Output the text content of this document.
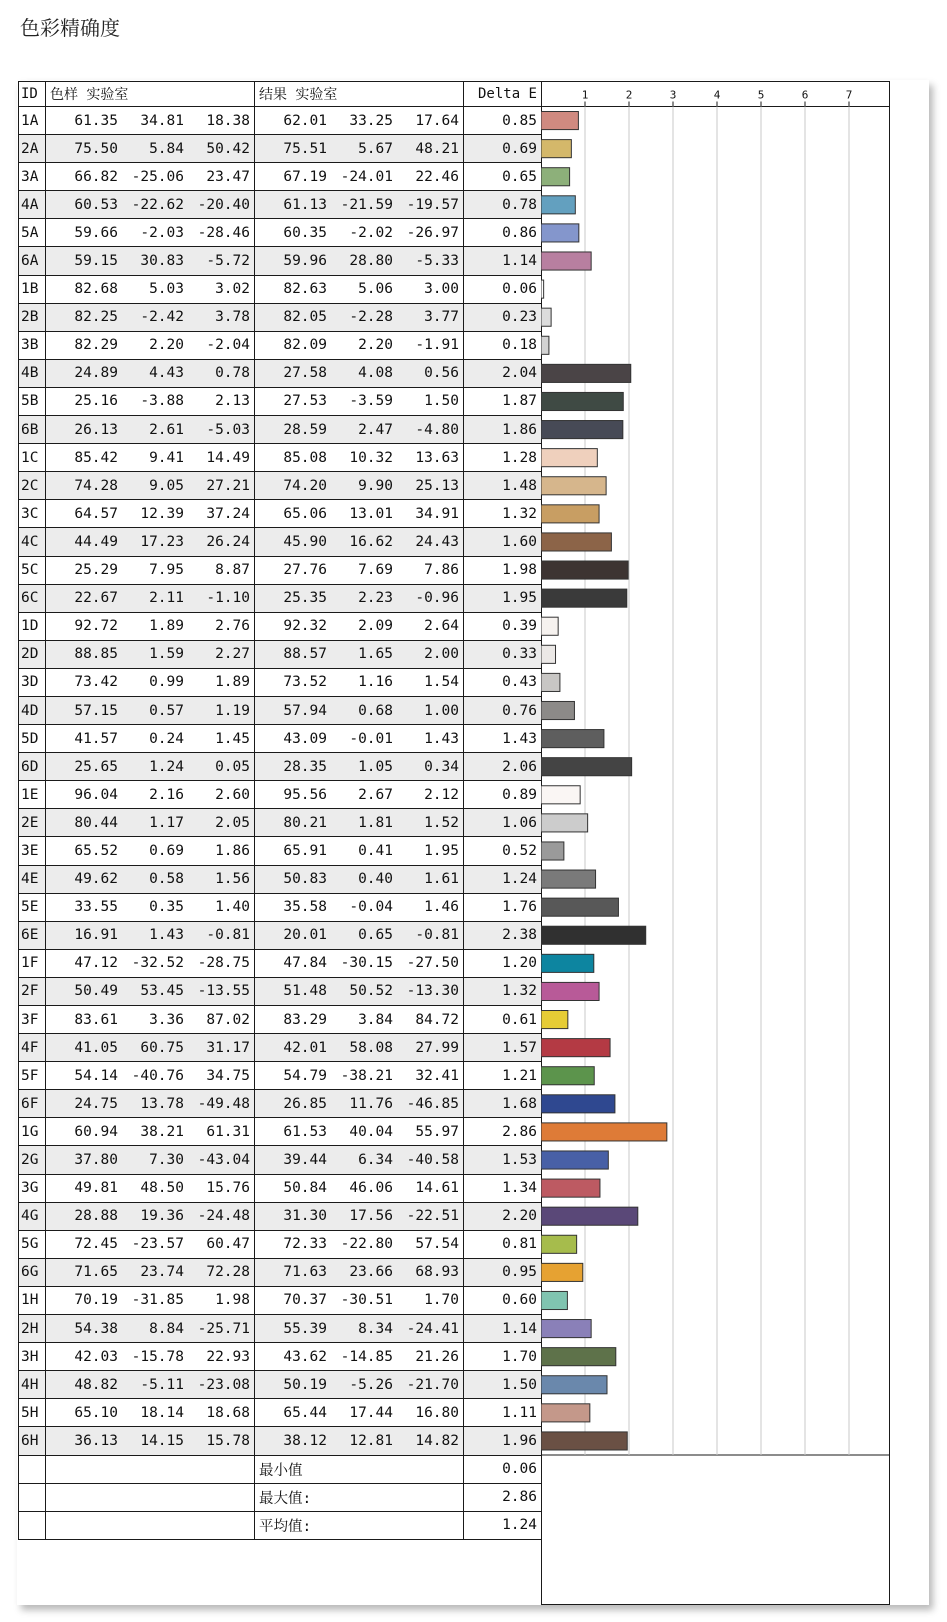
色彩精确度
ID	色样 实验室	结果 实验室	Delta E
1A	61.35 34.81 18.38	62.01 33.25 17.64	0.85
2A	75.50 5.84 50.42	75.51 5.67 48.21	0.69
3A	66.82 -25.06 23.47	67.19 -24.01 22.46	0.65
4A	60.53 -22.62 -20.40	61.13 -21.59 -19.57	0.78
5A	59.66 -2.03 -28.46	60.35 -2.02 -26.97	0.86
6A	59.15 30.83 -5.72	59.96 28.80 -5.33	1.14
1B	82.68 5.03 3.02	82.63 5.06 3.00	0.06
2B	82.25 -2.42 3.78	82.05 -2.28 3.77	0.23
3B	82.29 2.20 -2.04	82.09 2.20 -1.91	0.18
4B	24.89 4.43 0.78	27.58 4.08 0.56	2.04
5B	25.16 -3.88 2.13	27.53 -3.59 1.50	1.87
6B	26.13 2.61 -5.03	28.59 2.47 -4.80	1.86
1C	85.42 9.41 14.49	85.08 10.32 13.63	1.28
2C	74.28 9.05 27.21	74.20 9.90 25.13	1.48
3C	64.57 12.39 37.24	65.06 13.01 34.91	1.32
4C	44.49 17.23 26.24	45.90 16.62 24.43	1.60
5C	25.29 7.95 8.87	27.76 7.69 7.86	1.98
6C	22.67 2.11 -1.10	25.35 2.23 -0.96	1.95
1D	92.72 1.89 2.76	92.32 2.09 2.64	0.39
2D	88.85 1.59 2.27	88.57 1.65 2.00	0.33
3D	73.42 0.99 1.89	73.52 1.16 1.54	0.43
4D	57.15 0.57 1.19	57.94 0.68 1.00	0.76
5D	41.57 0.24 1.45	43.09 -0.01 1.43	1.43
6D	25.65 1.24 0.05	28.35 1.05 0.34	2.06
1E	96.04 2.16 2.60	95.56 2.67 2.12	0.89
2E	80.44 1.17 2.05	80.21 1.81 1.52	1.06
3E	65.52 0.69 1.86	65.91 0.41 1.95	0.52
4E	49.62 0.58 1.56	50.83 0.40 1.61	1.24
5E	33.55 0.35 1.40	35.58 -0.04 1.46	1.76
6E	16.91 1.43 -0.81	20.01 0.65 -0.81	2.38
1F	47.12 -32.52 -28.75	47.84 -30.15 -27.50	1.20
2F	50.49 53.45 -13.55	51.48 50.52 -13.30	1.32
3F	83.61 3.36 87.02	83.29 3.84 84.72	0.61
4F	41.05 60.75 31.17	42.01 58.08 27.99	1.57
5F	54.14 -40.76 34.75	54.79 -38.21 32.41	1.21
6F	24.75 13.78 -49.48	26.85 11.76 -46.85	1.68
1G	60.94 38.21 61.31	61.53 40.04 55.97	2.86
2G	37.80 7.30 -43.04	39.44 6.34 -40.58	1.53
3G	49.81 48.50 15.76	50.84 46.06 14.61	1.34
4G	28.88 19.36 -24.48	31.30 17.56 -22.51	2.20
5G	72.45 -23.57 60.47	72.33 -22.80 57.54	0.81
6G	71.65 23.74 72.28	71.63 23.66 68.93	0.95
1H	70.19 -31.85 1.98	70.37 -30.51 1.70	0.60
2H	54.38 8.84 -25.71	55.39 8.34 -24.41	1.14
3H	42.03 -15.78 22.93	43.62 -14.85 21.26	1.70
4H	48.82 -5.11 -23.08	50.19 -5.26 -21.70	1.50
5H	65.10 18.14 18.68	65.44 17.44 16.80	1.11
6H	36.13 14.15 15.78	38.12 12.81 14.82	1.96
		最小值	0.06
		最大值:	2.86
		平均值:	1.24
1	2	3	4	5	6	7
